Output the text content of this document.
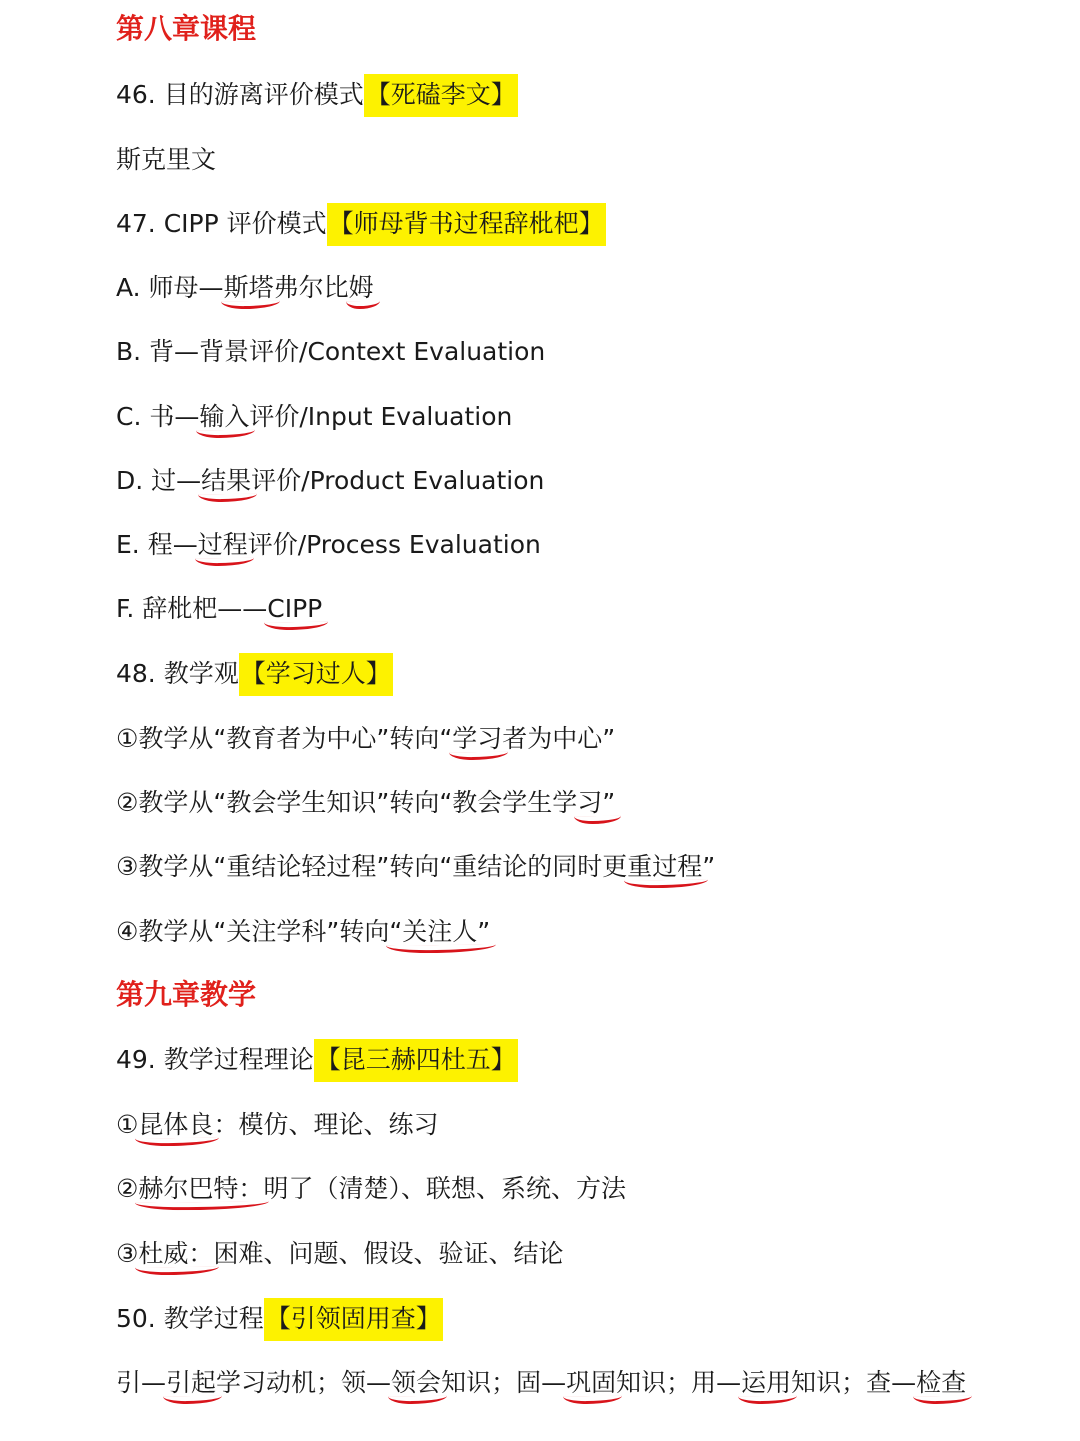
第八章课程
46. 目的游离评价模式【死磕李文】
斯克里文
47. CIPP 评价模式【师母背书过程辞枇杷】
A. 师母—斯塔弗尔比姆
B. 背—背景评价/Context Evaluation
C. 书—输入评价/Input Evaluation
D. 过—结果评价/Product Evaluation
E. 程—过程评价/Process Evaluation
F. 辞枇杷——CIPP
48. 教学观【学习过人】
①教学从“教育者为中心”转向“学习者为中心”
②教学从“教会学生知识”转向“教会学生学习”
③教学从“重结论轻过程”转向“重结论的同时更重过程”
④教学从“关注学科”转向“关注人”
第九章教学
49. 教学过程理论【昆三赫四杜五】
①昆体良：模仿、理论、练习
②赫尔巴特：明了（清楚）、联想、系统、方法
③杜威：困难、问题、假设、验证、结论
50. 教学过程【引领固用查】
引—引起学习动机；领—领会知识；固—巩固知识；用—运用知识；查—检查
